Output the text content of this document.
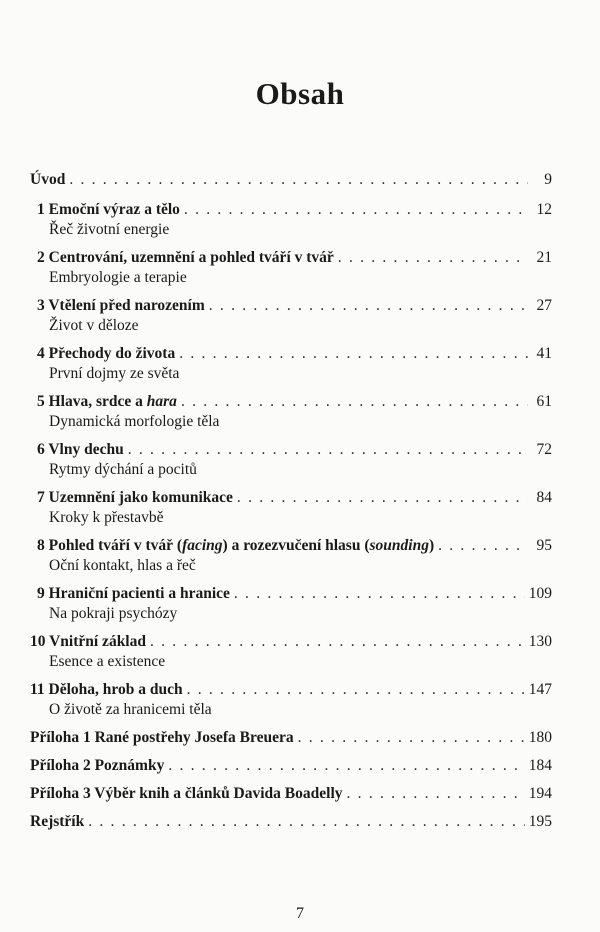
Obsah
Úvod . . .	9
1 Emoční výraz a tělo . . .	12
Řeč životní energie
2 Centrování, uzemnění a pohled tváří v tvář . . .	21
Embryologie a terapie
3 Vtělení před narozením . . .	27
Život v děloze
4 Přechody do života . . .	41
První dojmy ze světa
5 Hlava, srdce a hara . . .	61
Dynamická morfologie těla
6 Vlny dechu . . .	72
Rytmy dýchání a pocitů
7 Uzemnění jako komunikace . . .	84
Kroky k přestavbě
8 Pohled tváří v tvář (facing) a rozezvučení hlasu (sounding) . . .	95
Oční kontakt, hlas a řeč
9 Hraniční pacienti a hranice . . .	109
Na pokraji psychózy
10 Vnitřní základ . . .	130
Esence a existence
11 Děloha, hrob a duch . . .	147
O životě za hranicemi těla
Příloha 1 Rané postřehy Josefa Breuera . . .	180
Příloha 2 Poznámky . . .	184
Příloha 3 Výběr knih a článků Davida Boadelly . . .	194
Rejstřík . . .	195
7
